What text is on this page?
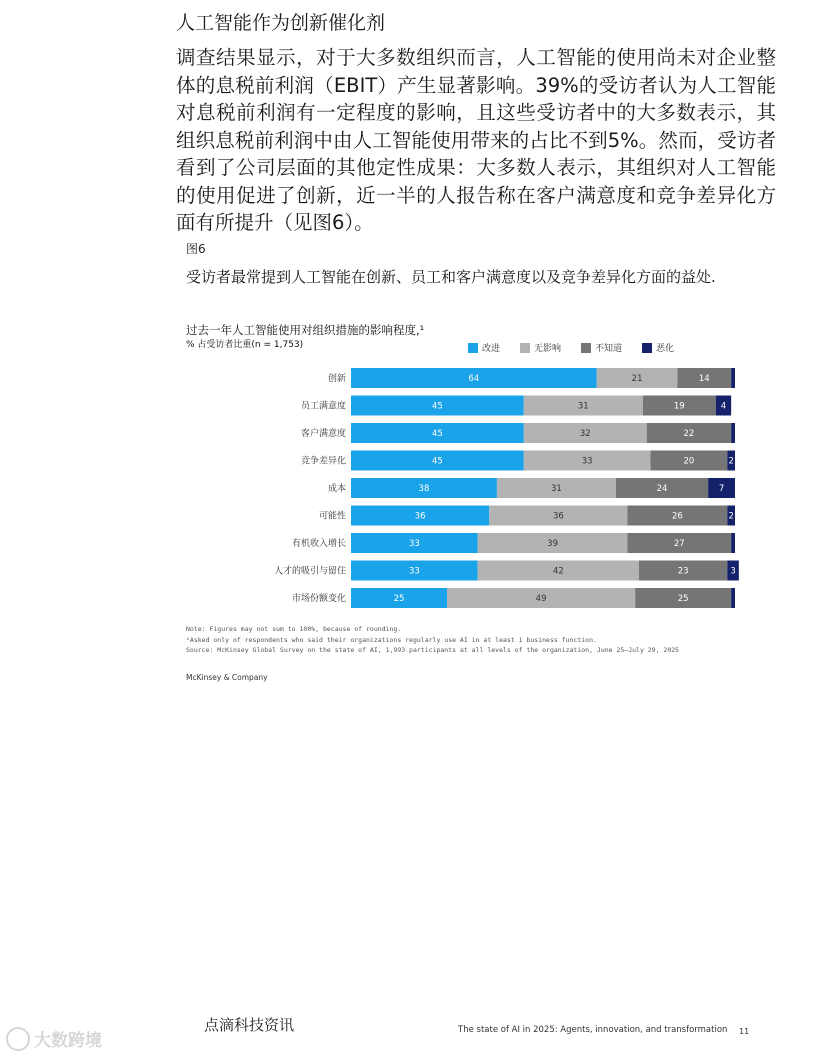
人工智能作为创新催化剂

调查结果显示，对于大多数组织而言，人工智能的使用尚未对企业整体的息税前利润（EBIT）产生显著影响。39%的受访者认为人工智能对息税前利润有一定程度的影响，且这些受访者中的大多数表示，其组织息税前利润中由人工智能使用带来的占比不到5%。然而，受访者看到了公司层面的其他定性成果：大多数人表示，其组织对人工智能的使用促进了创新，近一半的人报告称在客户满意度和竞争差异化方面有所提升（见图6）。

图6
受访者最常提到人工智能在创新、员工和客户满意度以及竞争差异化方面的益处.
过去一年人工智能使用对组织措施的影响程度,¹
% 占受访者比重(n = 1,753)	改进	无影响	不知道	恶化
创新	64	21	14
员工满意度	45	31	19	4
客户满意度	45	32	22
竞争差异化	45	33	20	2
成本	38	31	24	7
可能性	36	36	26	2
有机收入增长	33	39	27
人才的吸引与留住	33	42	23	3
市场份额变化	25	49	25
Note: Figures may not sum to 100%, because of rounding.
¹Asked only of respondents who said their organizations regularly use AI in at least 1 business function.
Source: McKinsey Global Survey on the state of AI, 1,993 participants at all levels of the organization, June 25–July 29, 2025
McKinsey & Company
大数跨境
点滴科技资讯	The state of AI in 2025: Agents, innovation, and transformation 11
